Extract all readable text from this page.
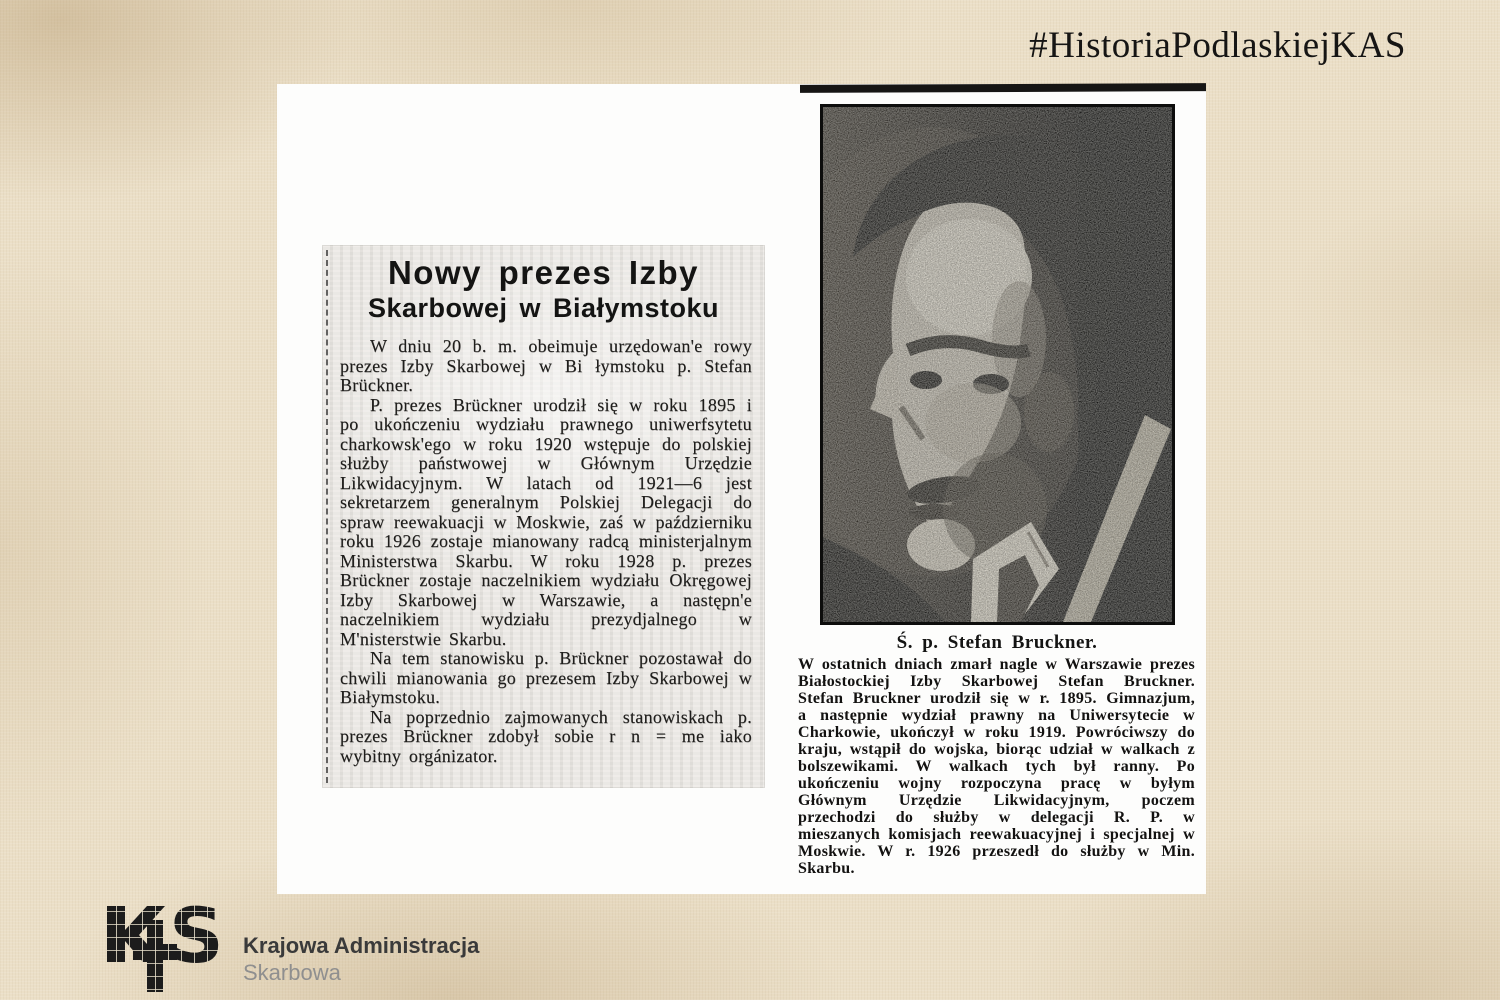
#HistoriaPodlaskiejKAS
Nowy prezes Izby
Skarbowej w Białymstoku

W dniu 20 b. m. obeimuje urzędowan'e rowy prezes Izby Skarbowej w Bi łymstoku p. Stefan Brückner.

P. prezes Brückner urodził się w roku 1895 i po ukończeniu wydziału prawnego uniwerfsytetu charkowsk'ego w roku 1920 wstępuje do polskiej służby państwowej w Głównym Urzędzie Likwidacyjnym. W latach od 1921—6 jest sekretarzem generalnym Polskiej Delegacji do spraw reewakuacji w Moskwie, zaś w październiku roku 1926 zostaje mianowany radcą ministerjalnym Ministerstwa Skarbu. W roku 1928 p. prezes Brückner zostaje naczelnikiem wydziału Okręgowej Izby Skarbowej w Warszawie, a następn'e naczelnikiem wydziału prezydjalnego w M'nisterstwie Skarbu.

Na tem stanowisku p. Brückner pozostawał do chwili mianowania go prezesem Izby Skarbowej w Białymstoku.

Na poprzednio zajmowanych stanowiskach p. prezes Brückner zdobył sobie r n = me iako wybitny orgánizator.

Ś. p. Stefan Bruckner.

W ostatnich dniach zmarł nagle w Warszawie prezes Białostockiej Izby Skarbowej Stefan Bruckner. Stefan Bruckner urodził się w r. 1895. Gimnazjum, a następnie wydział prawny na Uniwersytecie w Charkowie, ukończył w roku 1919. Powróciwszy do kraju, wstąpił do wojska, biorąc udział w walkach z bolszewikami. W walkach tych był ranny. Po ukończeniu wojny rozpoczyna pracę w byłym Głównym Urzędzie Likwidacyjnym, poczem przechodzi do służby w delegacji R. P. w mieszanych komisjach reewakuacyjnej i specjalnej w Moskwie. W r. 1926 przeszedł do służby w Min. Skarbu.

S Krajowa Administracja
Skarbowa
